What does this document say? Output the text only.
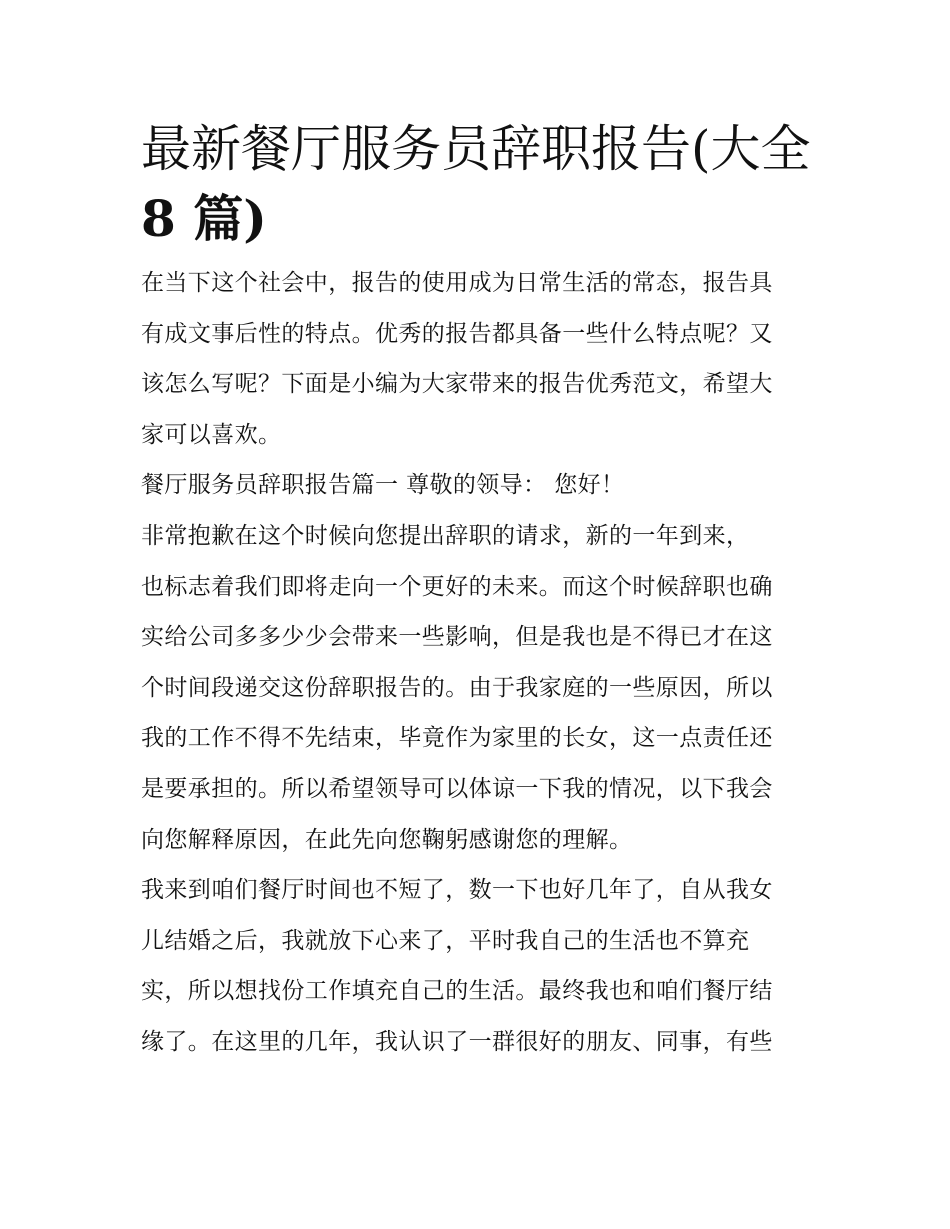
最新餐厅服务员辞职报告(大全
8 篇)
在当下这个社会中，报告的使用成为日常生活的常态，报告具
有成文事后性的特点。优秀的报告都具备一些什么特点呢？又
该怎么写呢？下面是小编为大家带来的报告优秀范文，希望大
家可以喜欢。
餐厅服务员辞职报告篇一 尊敬的领导： 您好！
非常抱歉在这个时候向您提出辞职的请求，新的一年到来，
也标志着我们即将走向一个更好的未来。而这个时候辞职也确
实给公司多多少少会带来一些影响，但是我也是不得已才在这
个时间段递交这份辞职报告的。由于我家庭的一些原因，所以
我的工作不得不先结束，毕竟作为家里的长女，这一点责任还
是要承担的。所以希望领导可以体谅一下我的情况，以下我会
向您解释原因，在此先向您鞠躬感谢您的理解。
我来到咱们餐厅时间也不短了，数一下也好几年了，自从我女
儿结婚之后，我就放下心来了，平时我自己的生活也不算充
实，所以想找份工作填充自己的生活。最终我也和咱们餐厅结
缘了。在这里的几年，我认识了一群很好的朋友、同事，有些
